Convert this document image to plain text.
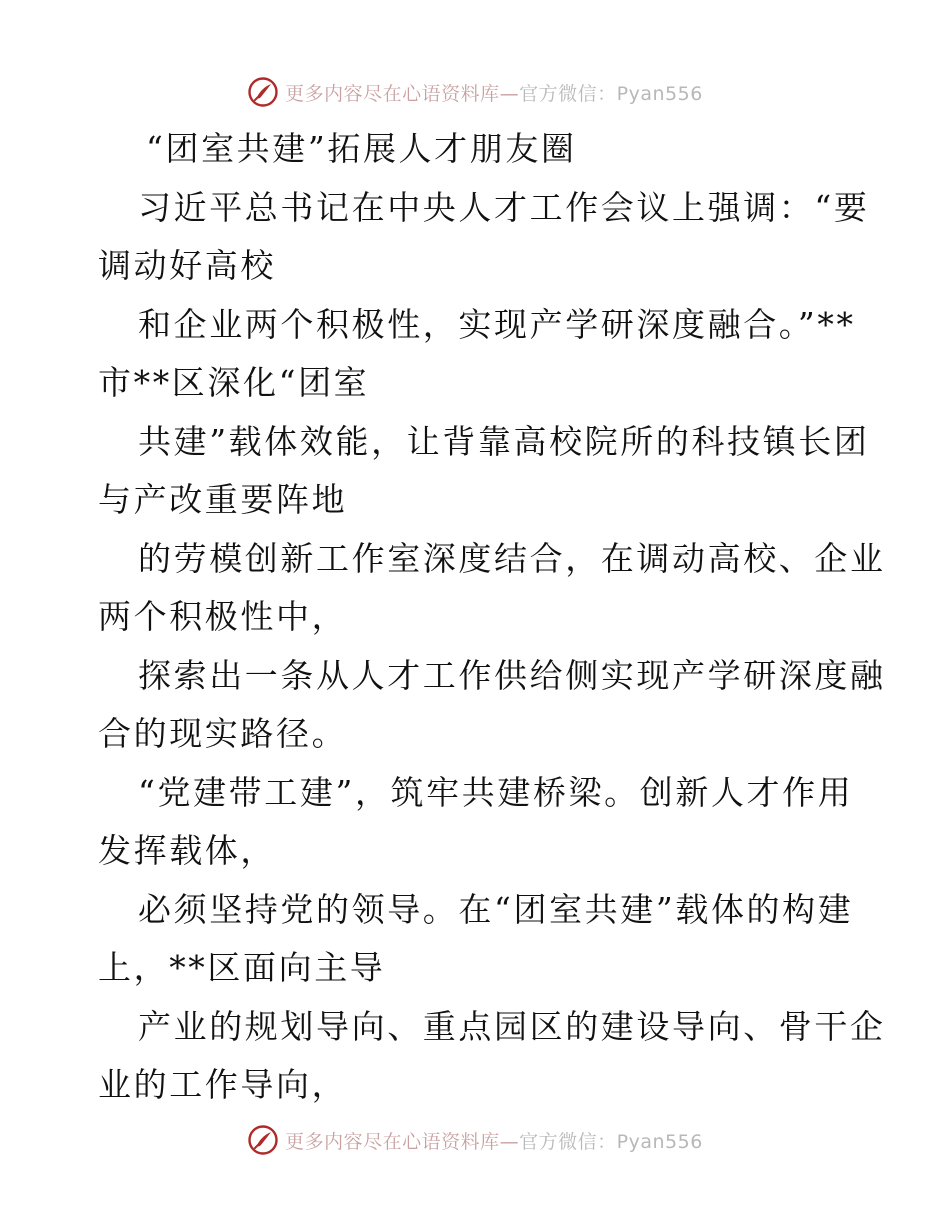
更多内容尽在心语资料库—官方微信：Pyan556
“团室共建”拓展人才朋友圈
习近平总书记在中央人才工作会议上强调：“要
调动好高校
和企业两个积极性，实现产学研深度融合。”**
市**区深化“团室
共建”载体效能，让背靠高校院所的科技镇长团
与产改重要阵地
的劳模创新工作室深度结合，在调动高校、企业
两个积极性中，
探索出一条从人才工作供给侧实现产学研深度融
合的现实路径。
“党建带工建”，筑牢共建桥梁。创新人才作用
发挥载体，
必须坚持党的领导。在“团室共建”载体的构建
上，**区面向主导
产业的规划导向、重点园区的建设导向、骨干企
业的工作导向，
更多内容尽在心语资料库—官方微信：Pyan556
